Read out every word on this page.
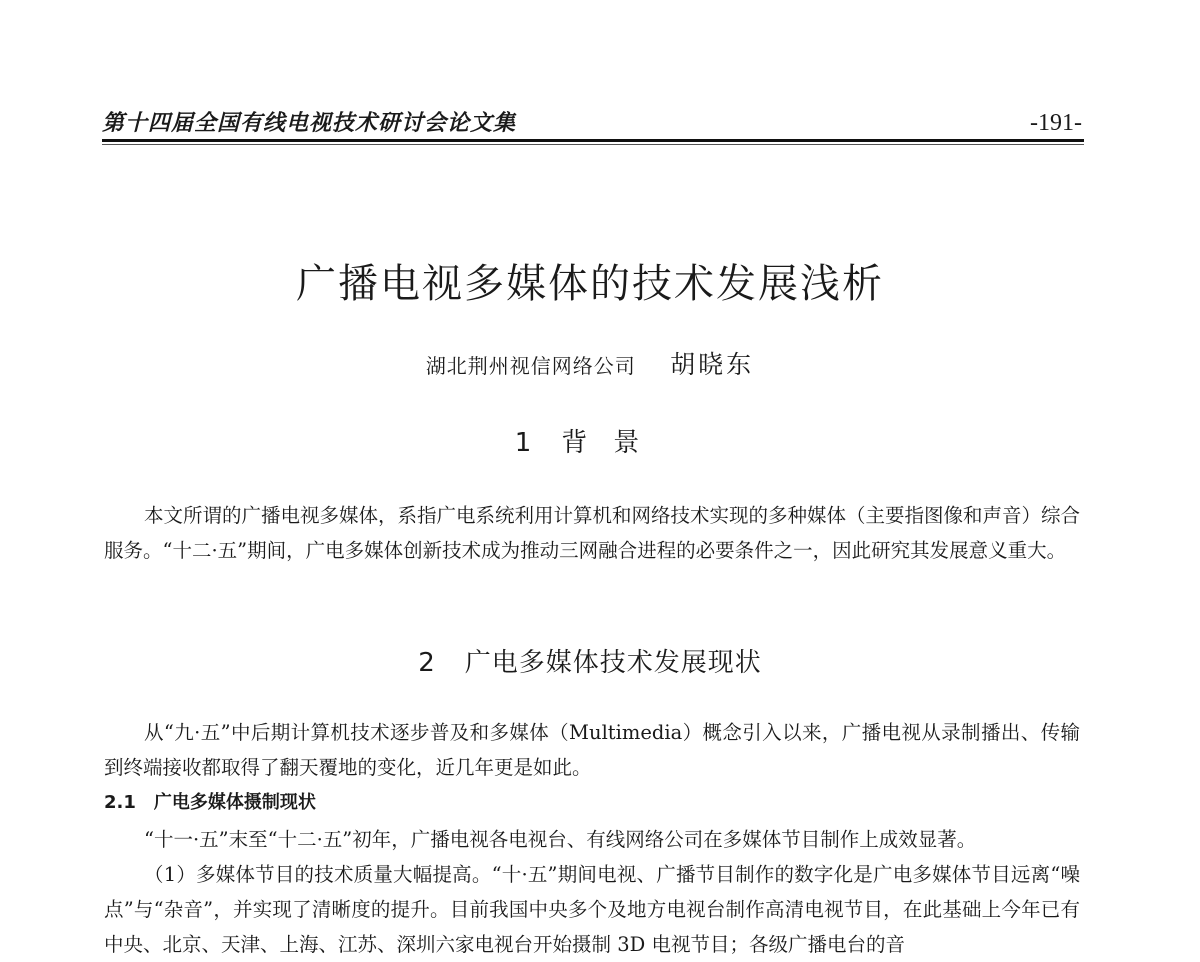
第十四届全国有线电视技术研讨会论文集	-191-
广播电视多媒体的技术发展浅析
湖北荆州视信网络公司 胡晓东
1 背景

本文所谓的广播电视多媒体，系指广电系统利用计算机和网络技术实现的多种媒体（主要指图像和声音）综合服务。“十二·五”期间，广电多媒体创新技术成为推动三网融合进程的必要条件之一，因此研究其发展意义重大。

2 广电多媒体技术发展现状

从“九·五”中后期计算机技术逐步普及和多媒体（Multimedia）概念引入以来，广播电视从录制播出、传输到终端接收都取得了翻天覆地的变化，近几年更是如此。

2.1 广电多媒体摄制现状

“十一·五”末至“十二·五”初年，广播电视各电视台、有线网络公司在多媒体节目制作上成效显著。

（1）多媒体节目的技术质量大幅提高。“十·五”期间电视、广播节目制作的数字化是广电多媒体节目远离“噪点”与“杂音”，并实现了清晰度的提升。目前我国中央多个及地方电视台制作高清电视节目，在此基础上今年已有中央、北京、天津、上海、江苏、深圳六家电视台开始摄制 3D 电视节目；各级广播电台的音
